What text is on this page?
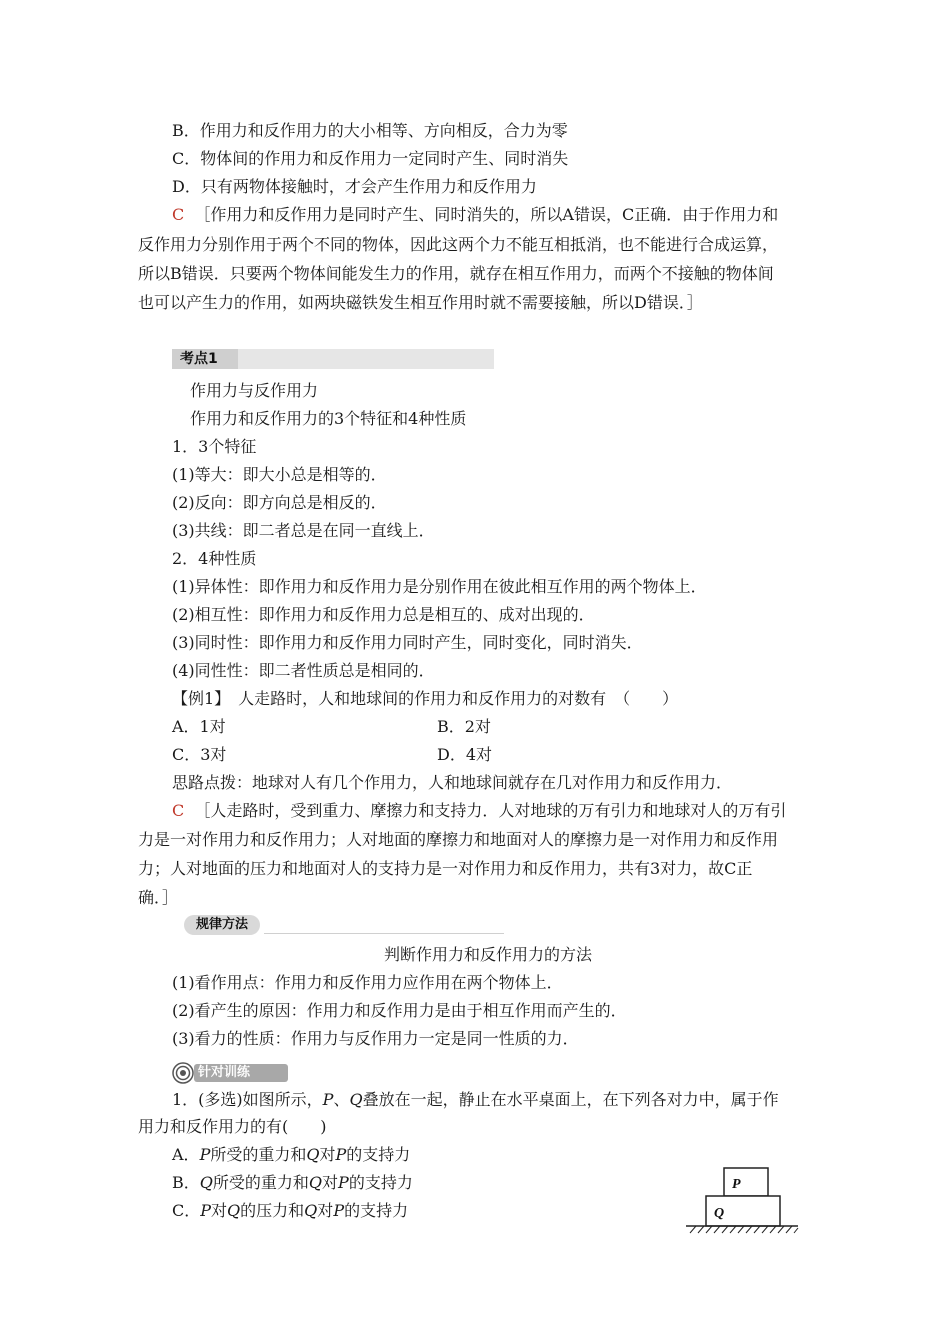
B．作用力和反作用力的大小相等、方向相反，合力为零
C．物体间的作用力和反作用力一定同时产生、同时消失
D．只有两物体接触时，才会产生作用力和反作用力
C ［作用力和反作用力是同时产生、同时消失的，所以A错误，C正确．由于作用力和
反作用力分别作用于两个不同的物体，因此这两个力不能互相抵消，也不能进行合成运算，
所以B错误．只要两个物体间能发生力的作用，就存在相互作用力，而两个不接触的物体间
也可以产生力的作用，如两块磁铁发生相互作用时就不需要接触，所以D错误．］
考点1
作用力与反作用力
作用力和反作用力的3个特征和4种性质
1．3个特征
(1)等大：即大小总是相等的．
(2)反向：即方向总是相反的．
(3)共线：即二者总是在同一直线上．
2．4种性质
(1)异体性：即作用力和反作用力是分别作用在彼此相互作用的两个物体上．
(2)相互性：即作用力和反作用力总是相互的、成对出现的．
(3)同时性：即作用力和反作用力同时产生，同时变化，同时消失．
(4)同性性：即二者性质总是相同的．
【例1】　人走路时，人和地球间的作用力和反作用力的对数有　（　　）
A．1对	B．2对
C．3对	D．4对
思路点拨：地球对人有几个作用力，人和地球间就存在几对作用力和反作用力．
C ［人走路时，受到重力、摩擦力和支持力．人对地球的万有引力和地球对人的万有引
力是一对作用力和反作用力；人对地面的摩擦力和地面对人的摩擦力是一对作用力和反作用
力；人对地面的压力和地面对人的支持力是一对作用力和反作用力，共有3对力，故C正
确．］
规律方法
判断作用力和反作用力的方法
(1)看作用点：作用力和反作用力应作用在两个物体上．
(2)看产生的原因：作用力和反作用力是由于相互作用而产生的．
(3)看力的性质：作用力与反作用力一定是同一性质的力．
针对训练
1．(多选)如图所示，P、Q叠放在一起，静止在水平桌面上，在下列各对力中，属于作
用力和反作用力的有(　　)
A．P所受的重力和Q对P的支持力
B．Q所受的重力和Q对P的支持力
C．P对Q的压力和Q对P的支持力
P
Q
